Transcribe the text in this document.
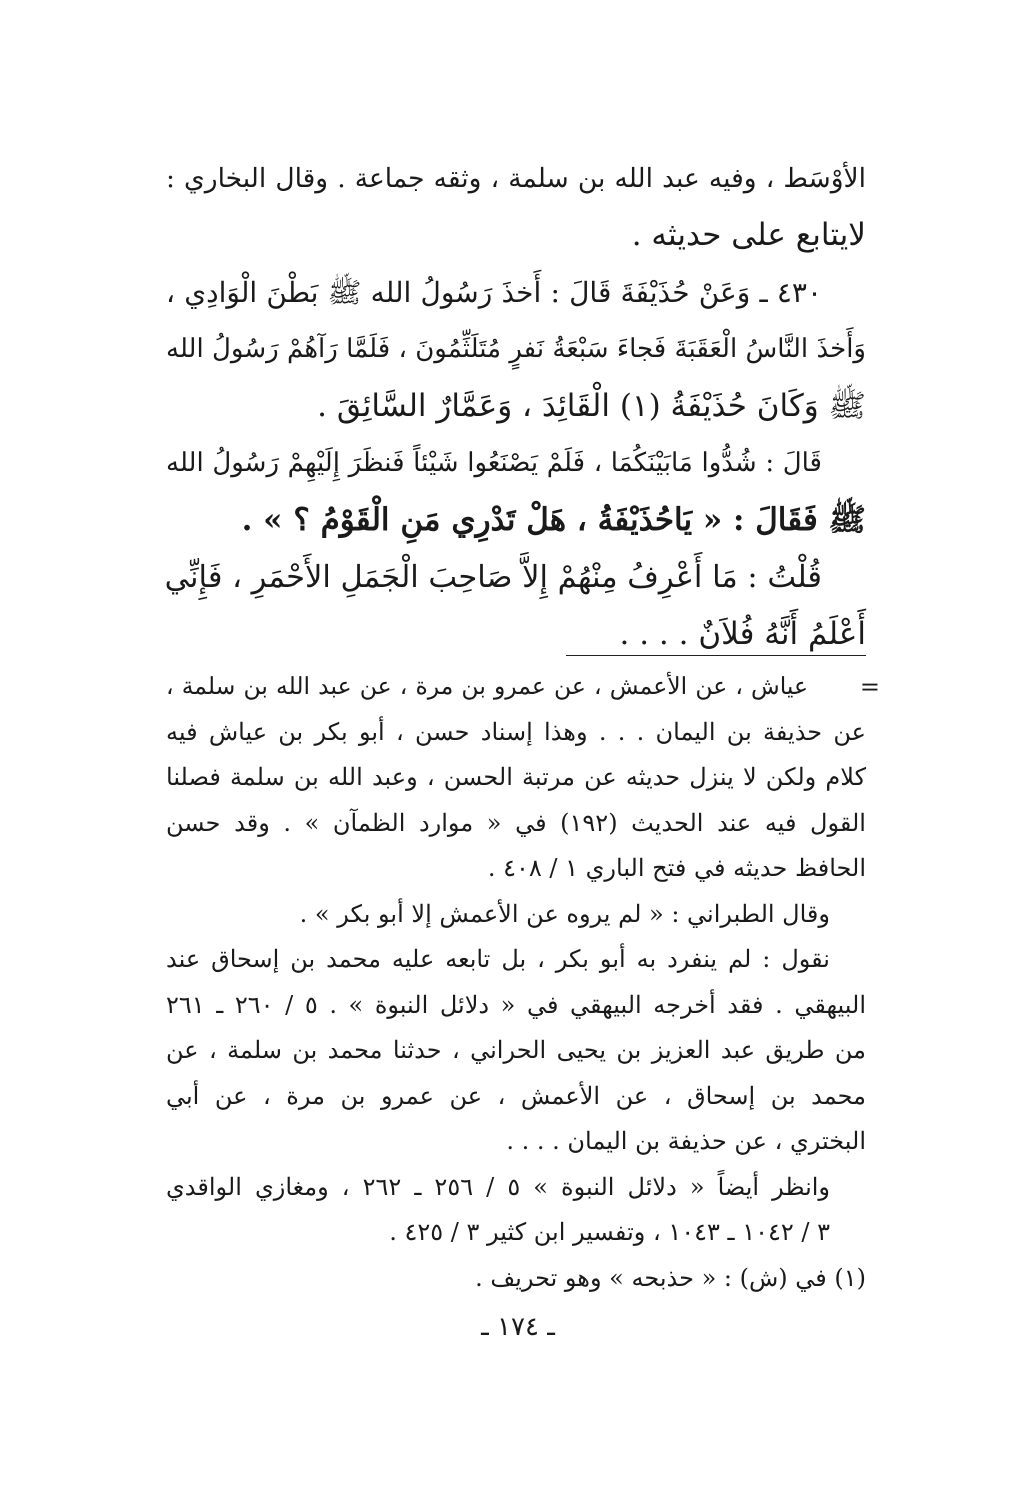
الأوْسَط ، وفيه عبد الله بن سلمة ، وثقه جماعة . وقال البخاري :
لايتابع على حديثه .
٤٣٠ ـ وَعَنْ حُذَيْفَةَ قَالَ : أَخذَ رَسُولُ الله ﷺ بَطْنَ الْوَادِي ،
وَأَخذَ النَّاسُ الْعَقَبَةَ فَجاءَ سَبْعَةُ نَفرٍ مُتَلَثِّمُونَ ، فَلَمَّا رَآهُمْ رَسُولُ الله
ﷺ وَكَانَ حُذَيْفَةُ (١) الْقَائِدَ ، وَعَمَّارٌ السَّائِقَ .
قَالَ : شُدُّوا مَابَيْنَكُمَا ، فَلَمْ يَصْنَعُوا شَيْئاً فَنظَرَ إِلَيْهِمْ رَسُولُ الله
ﷺ فَقَالَ : « يَاحُذَيْفَةُ ، هَلْ تَدْرِي مَنِ الْقَوْمُ ؟ » .
قُلْتُ : مَا أَعْرِفُ مِنْهُمْ إِلاَّ صَاحِبَ الْجَمَلِ الأَحْمَرِ ، فَإِنِّي
أَعْلَمُ أَنَّهُ فُلاَنٌ . . . .
=
عياش ، عن الأعمش ، عن عمرو بن مرة ، عن عبد الله بن سلمة ،
عن حذيفة بن اليمان . . . وهذا إسناد حسن ، أبو بكر بن عياش فيه
كلام ولكن لا ينزل حديثه عن مرتبة الحسن ، وعبد الله بن سلمة فصلنا
القول فيه عند الحديث (١٩٢) في « موارد الظمآن » . وقد حسن
الحافظ حديثه في فتح الباري ١ / ٤٠٨ .
وقال الطبراني : « لم يروه عن الأعمش إلا أبو بكر » .
نقول : لم ينفرد به أبو بكر ، بل تابعه عليه محمد بن إسحاق عند
البيهقي . فقد أخرجه البيهقي في « دلائل النبوة » . ٥ / ٢٦٠ ـ ٢٦١
من طريق عبد العزيز بن يحيى الحراني ، حدثنا محمد بن سلمة ، عن
محمد بن إسحاق ، عن الأعمش ، عن عمرو بن مرة ، عن أبي
البختري ، عن حذيفة بن اليمان . . . .
وانظر أيضاً « دلائل النبوة » ٥ / ٢٥٦ ـ ٢٦٢ ، ومغازي الواقدي
٣ / ١٠٤٢ ـ ١٠٤٣ ، وتفسير ابن كثير ٣ / ٤٢٥ .
(١) في (ش) : « حذبحه » وهو تحريف .
ـ ١٧٤ ـ
